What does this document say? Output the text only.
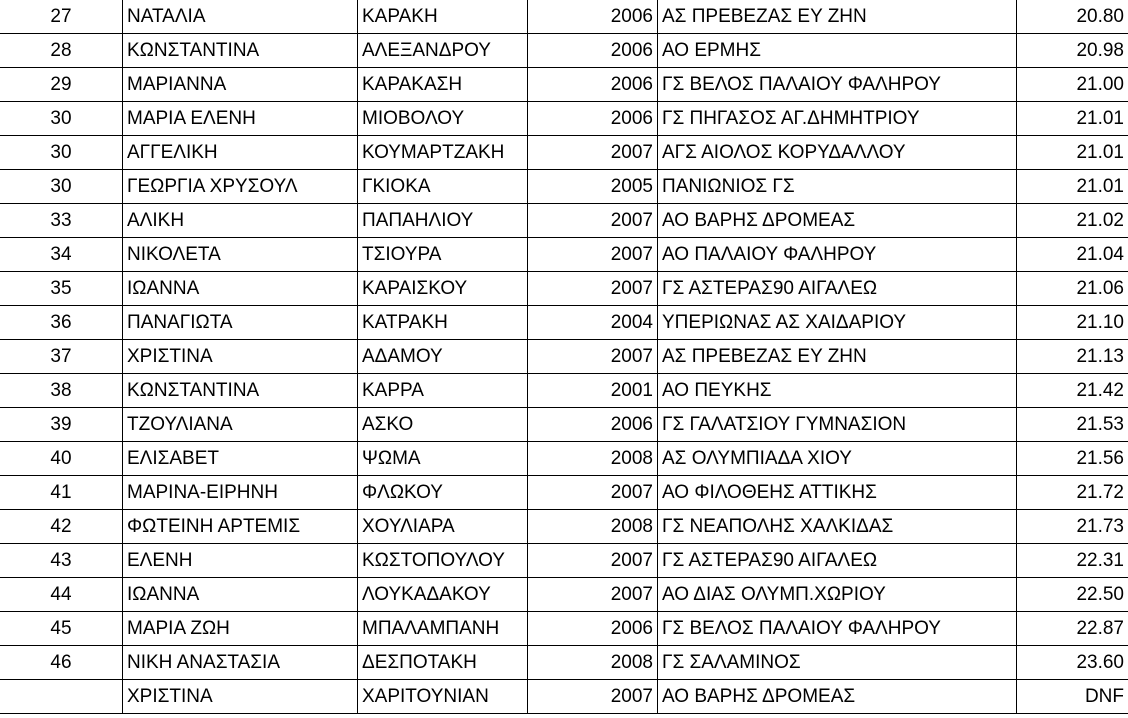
27	ΝΑΤΑΛΙΑ	ΚΑΡΑΚΗ	2006	ΑΣ ΠΡΕΒΕΖΑΣ ΕΥ ΖΗΝ	20.80
28	ΚΩΝΣΤΑΝΤΙΝΑ	ΑΛΕΞΑΝΔΡΟΥ	2006	ΑΟ ΕΡΜΗΣ	20.98
29	ΜΑΡΙΑΝΝΑ	ΚΑΡΑΚΑΣΗ	2006	ΓΣ ΒΕΛΟΣ ΠΑΛΑΙΟΥ ΦΑΛΗΡΟΥ	21.00
30	ΜΑΡΙΑ ΕΛΕΝΗ	ΜΙΟΒΟΛΟΥ	2006	ΓΣ ΠΗΓΑΣΟΣ ΑΓ.ΔΗΜΗΤΡΙΟΥ	21.01
30	ΑΓΓΕΛΙΚΗ	ΚΟΥΜΑΡΤΖΑΚΗ	2007	ΑΓΣ ΑΙΟΛΟΣ ΚΟΡΥΔΑΛΛΟΥ	21.01
30	ΓΕΩΡΓΙΑ ΧΡΥΣΟΥΛ	ΓΚΙΟΚΑ	2005	ΠΑΝΙΩΝΙΟΣ ΓΣ	21.01
33	ΑΛΙΚΗ	ΠΑΠΑΗΛΙΟΥ	2007	ΑΟ ΒΑΡΗΣ ΔΡΟΜΕΑΣ	21.02
34	ΝΙΚΟΛΕΤΑ	ΤΣΙΟΥΡΑ	2007	ΑΟ ΠΑΛΑΙΟΥ ΦΑΛΗΡΟΥ	21.04
35	ΙΩΑΝΝΑ	ΚΑΡΑΙΣΚΟΥ	2007	ΓΣ ΑΣΤΕΡΑΣ90 ΑΙΓΑΛΕΩ	21.06
36	ΠΑΝΑΓΙΩΤΑ	ΚΑΤΡΑΚΗ	2004	ΥΠΕΡΙΩΝΑΣ ΑΣ ΧΑΙΔΑΡΙΟΥ	21.10
37	ΧΡΙΣΤΙΝΑ	ΑΔΑΜΟΥ	2007	ΑΣ ΠΡΕΒΕΖΑΣ ΕΥ ΖΗΝ	21.13
38	ΚΩΝΣΤΑΝΤΙΝΑ	ΚΑΡΡΑ	2001	ΑΟ ΠΕΥΚΗΣ	21.42
39	ΤΖΟΥΛΙΑΝΑ	ΑΣΚΟ	2006	ΓΣ ΓΑΛΑΤΣΙΟΥ ΓΥΜΝΑΣΙΟΝ	21.53
40	ΕΛΙΣΑΒΕΤ	ΨΩΜΑ	2008	ΑΣ ΟΛΥΜΠΙΑΔΑ ΧΙΟΥ	21.56
41	ΜΑΡΙΝΑ-ΕΙΡΗΝΗ	ΦΛΩΚΟΥ	2007	ΑΟ ΦΙΛΟΘΕΗΣ ΑΤΤΙΚΗΣ	21.72
42	ΦΩΤΕΙΝΗ ΑΡΤΕΜΙΣ	ΧΟΥΛΙΑΡΑ	2008	ΓΣ ΝΕΑΠΟΛΗΣ ΧΑΛΚΙΔΑΣ	21.73
43	ΕΛΕΝΗ	ΚΩΣΤΟΠΟΥΛΟΥ	2007	ΓΣ ΑΣΤΕΡΑΣ90 ΑΙΓΑΛΕΩ	22.31
44	ΙΩΑΝΝΑ	ΛΟΥΚΑΔΑΚΟΥ	2007	ΑΟ ΔΙΑΣ ΟΛΥΜΠ.ΧΩΡΙΟΥ	22.50
45	ΜΑΡΙΑ ΖΩΗ	ΜΠΑΛΑΜΠΑΝΗ	2006	ΓΣ ΒΕΛΟΣ ΠΑΛΑΙΟΥ ΦΑΛΗΡΟΥ	22.87
46	ΝΙΚΗ ΑΝΑΣΤΑΣΙΑ	ΔΕΣΠΟΤΑΚΗ	2008	ΓΣ ΣΑΛΑΜΙΝΟΣ	23.60
	ΧΡΙΣΤΙΝΑ	ΧΑΡΙΤΟΥΝΙΑΝ	2007	ΑΟ ΒΑΡΗΣ ΔΡΟΜΕΑΣ	DNF
